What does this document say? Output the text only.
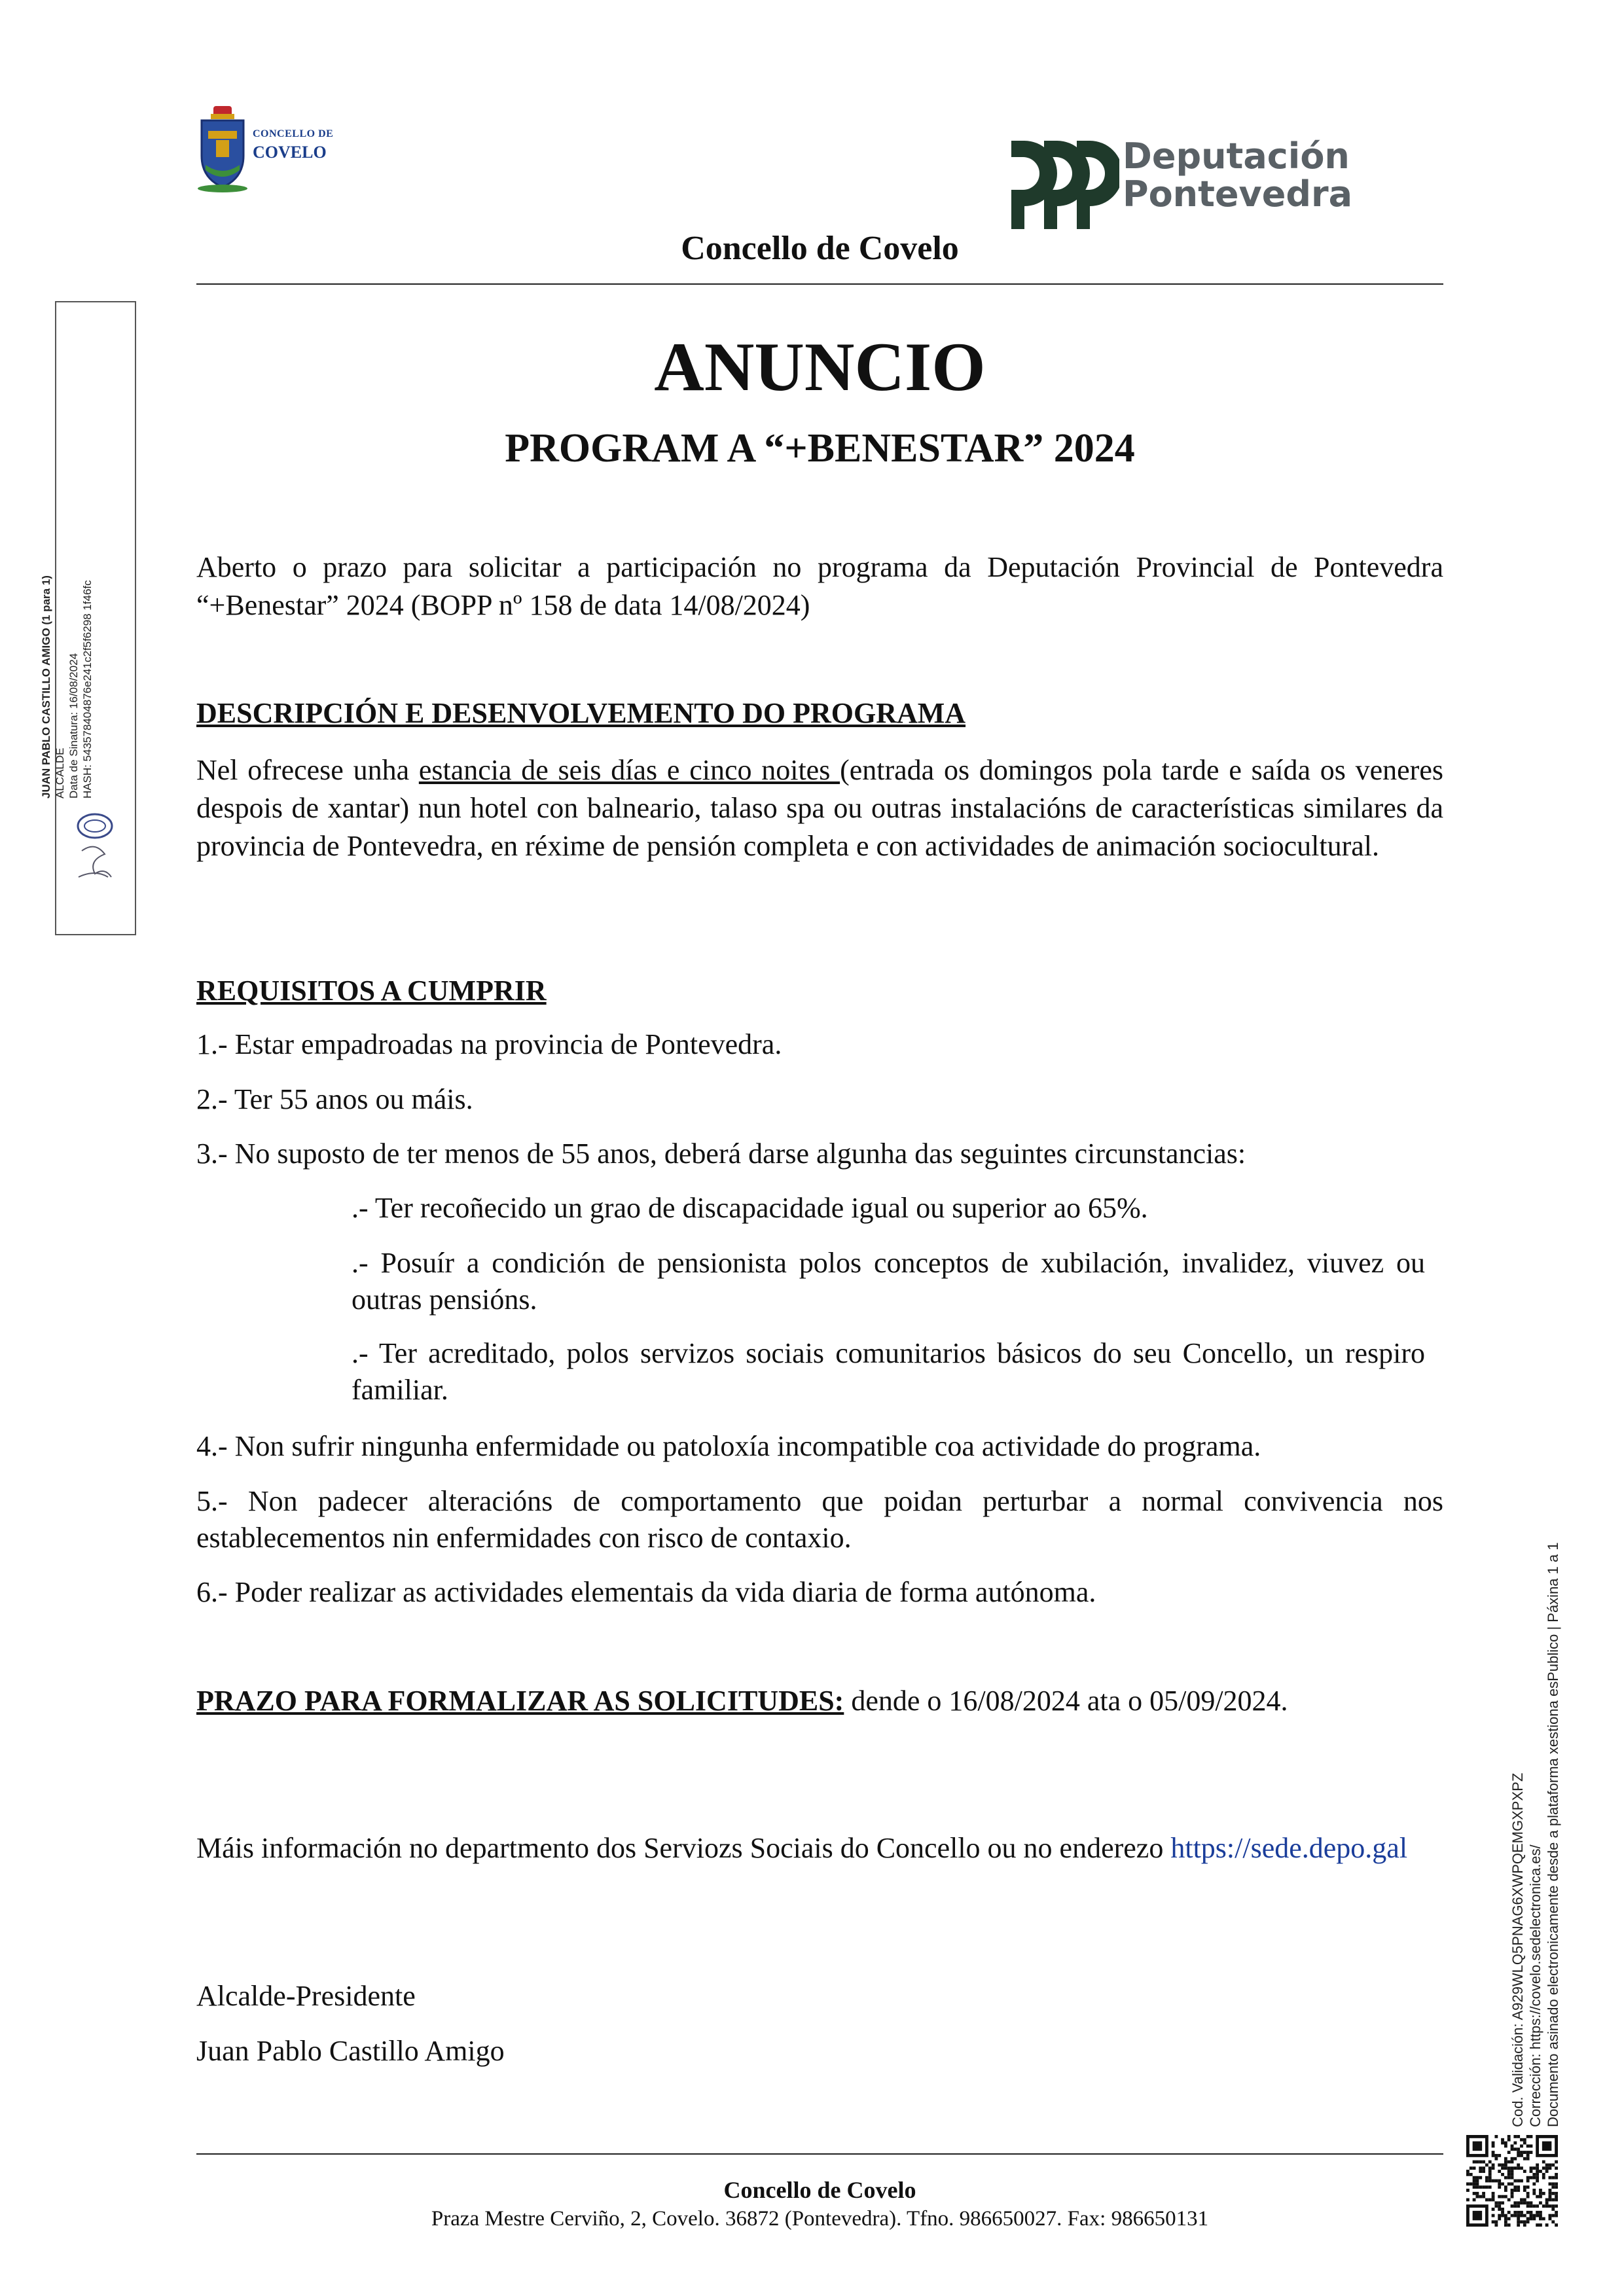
CONCELLO DE
COVELO	Deputación
Pontevedra
Concello de Covelo
JUAN PABLO CASTILLO AMIGO (1 para 1) ALCALDE Data de Sinatura: 16/08/2024 HASH: 543578404876e241c2f5f6298 1f46fc
ANUNCIO
PROGRAM A “+BENESTAR” 2024
Aberto o prazo para solicitar a participación no programa da Deputación Provincial de Pontevedra “+Benestar” 2024 (BOPP nº 158 de data 14/08/2024)
DESCRIPCIÓN E DESENVOLVEMENTO DO PROGRAMA
Nel ofrecese unha estancia de seis días e cinco noites (entrada os domingos pola tarde e saída os veneres despois de xantar) nun hotel con balneario, talaso spa ou outras instalacións de características similares da provincia de Pontevedra, en réxime de pensión completa e con actividades de animación sociocultural.
REQUISITOS A CUMPRIR
1.- Estar empadroadas na provincia de Pontevedra.
2.- Ter 55 anos ou máis.
3.- No suposto de ter menos de 55 anos, deberá darse algunha das seguintes circunstancias:
.- Ter recoñecido un grao de discapacidade igual ou superior ao 65%.
.- Posuír a condición de pensionista polos conceptos de xubilación, invalidez, viuvez ou outras pensións.
.- Ter acreditado, polos servizos sociais comunitarios básicos do seu Concello, un respiro familiar.
4.- Non sufrir ningunha enfermidade ou patoloxía incompatible coa actividade do programa.
5.- Non padecer alteracións de comportamento que poidan perturbar a normal convivencia nos establecementos nin enfermidades con risco de contaxio.
6.- Poder realizar as actividades elementais da vida diaria de forma autónoma.
PRAZO PARA FORMALIZAR AS SOLICITUDES: dende o 16/08/2024 ata o 05/09/2024.
Máis información no departmento dos Serviozs Sociais do Concello ou no enderezo https://sede.depo.gal
Alcalde-Presidente
Juan Pablo Castillo Amigo
Concello de Covelo
Praza Mestre Cerviño, 2, Covelo. 36872 (Pontevedra). Tfno. 986650027. Fax: 986650131
Cod. Validación: A929WLQ5PNAG6XWPQEMGXPXPZ Corrección: https://covelo.sedelectronica.es/ Documento asinado electronicamente desde a plataforma xestiona esPublico | Páxina 1 a 1
